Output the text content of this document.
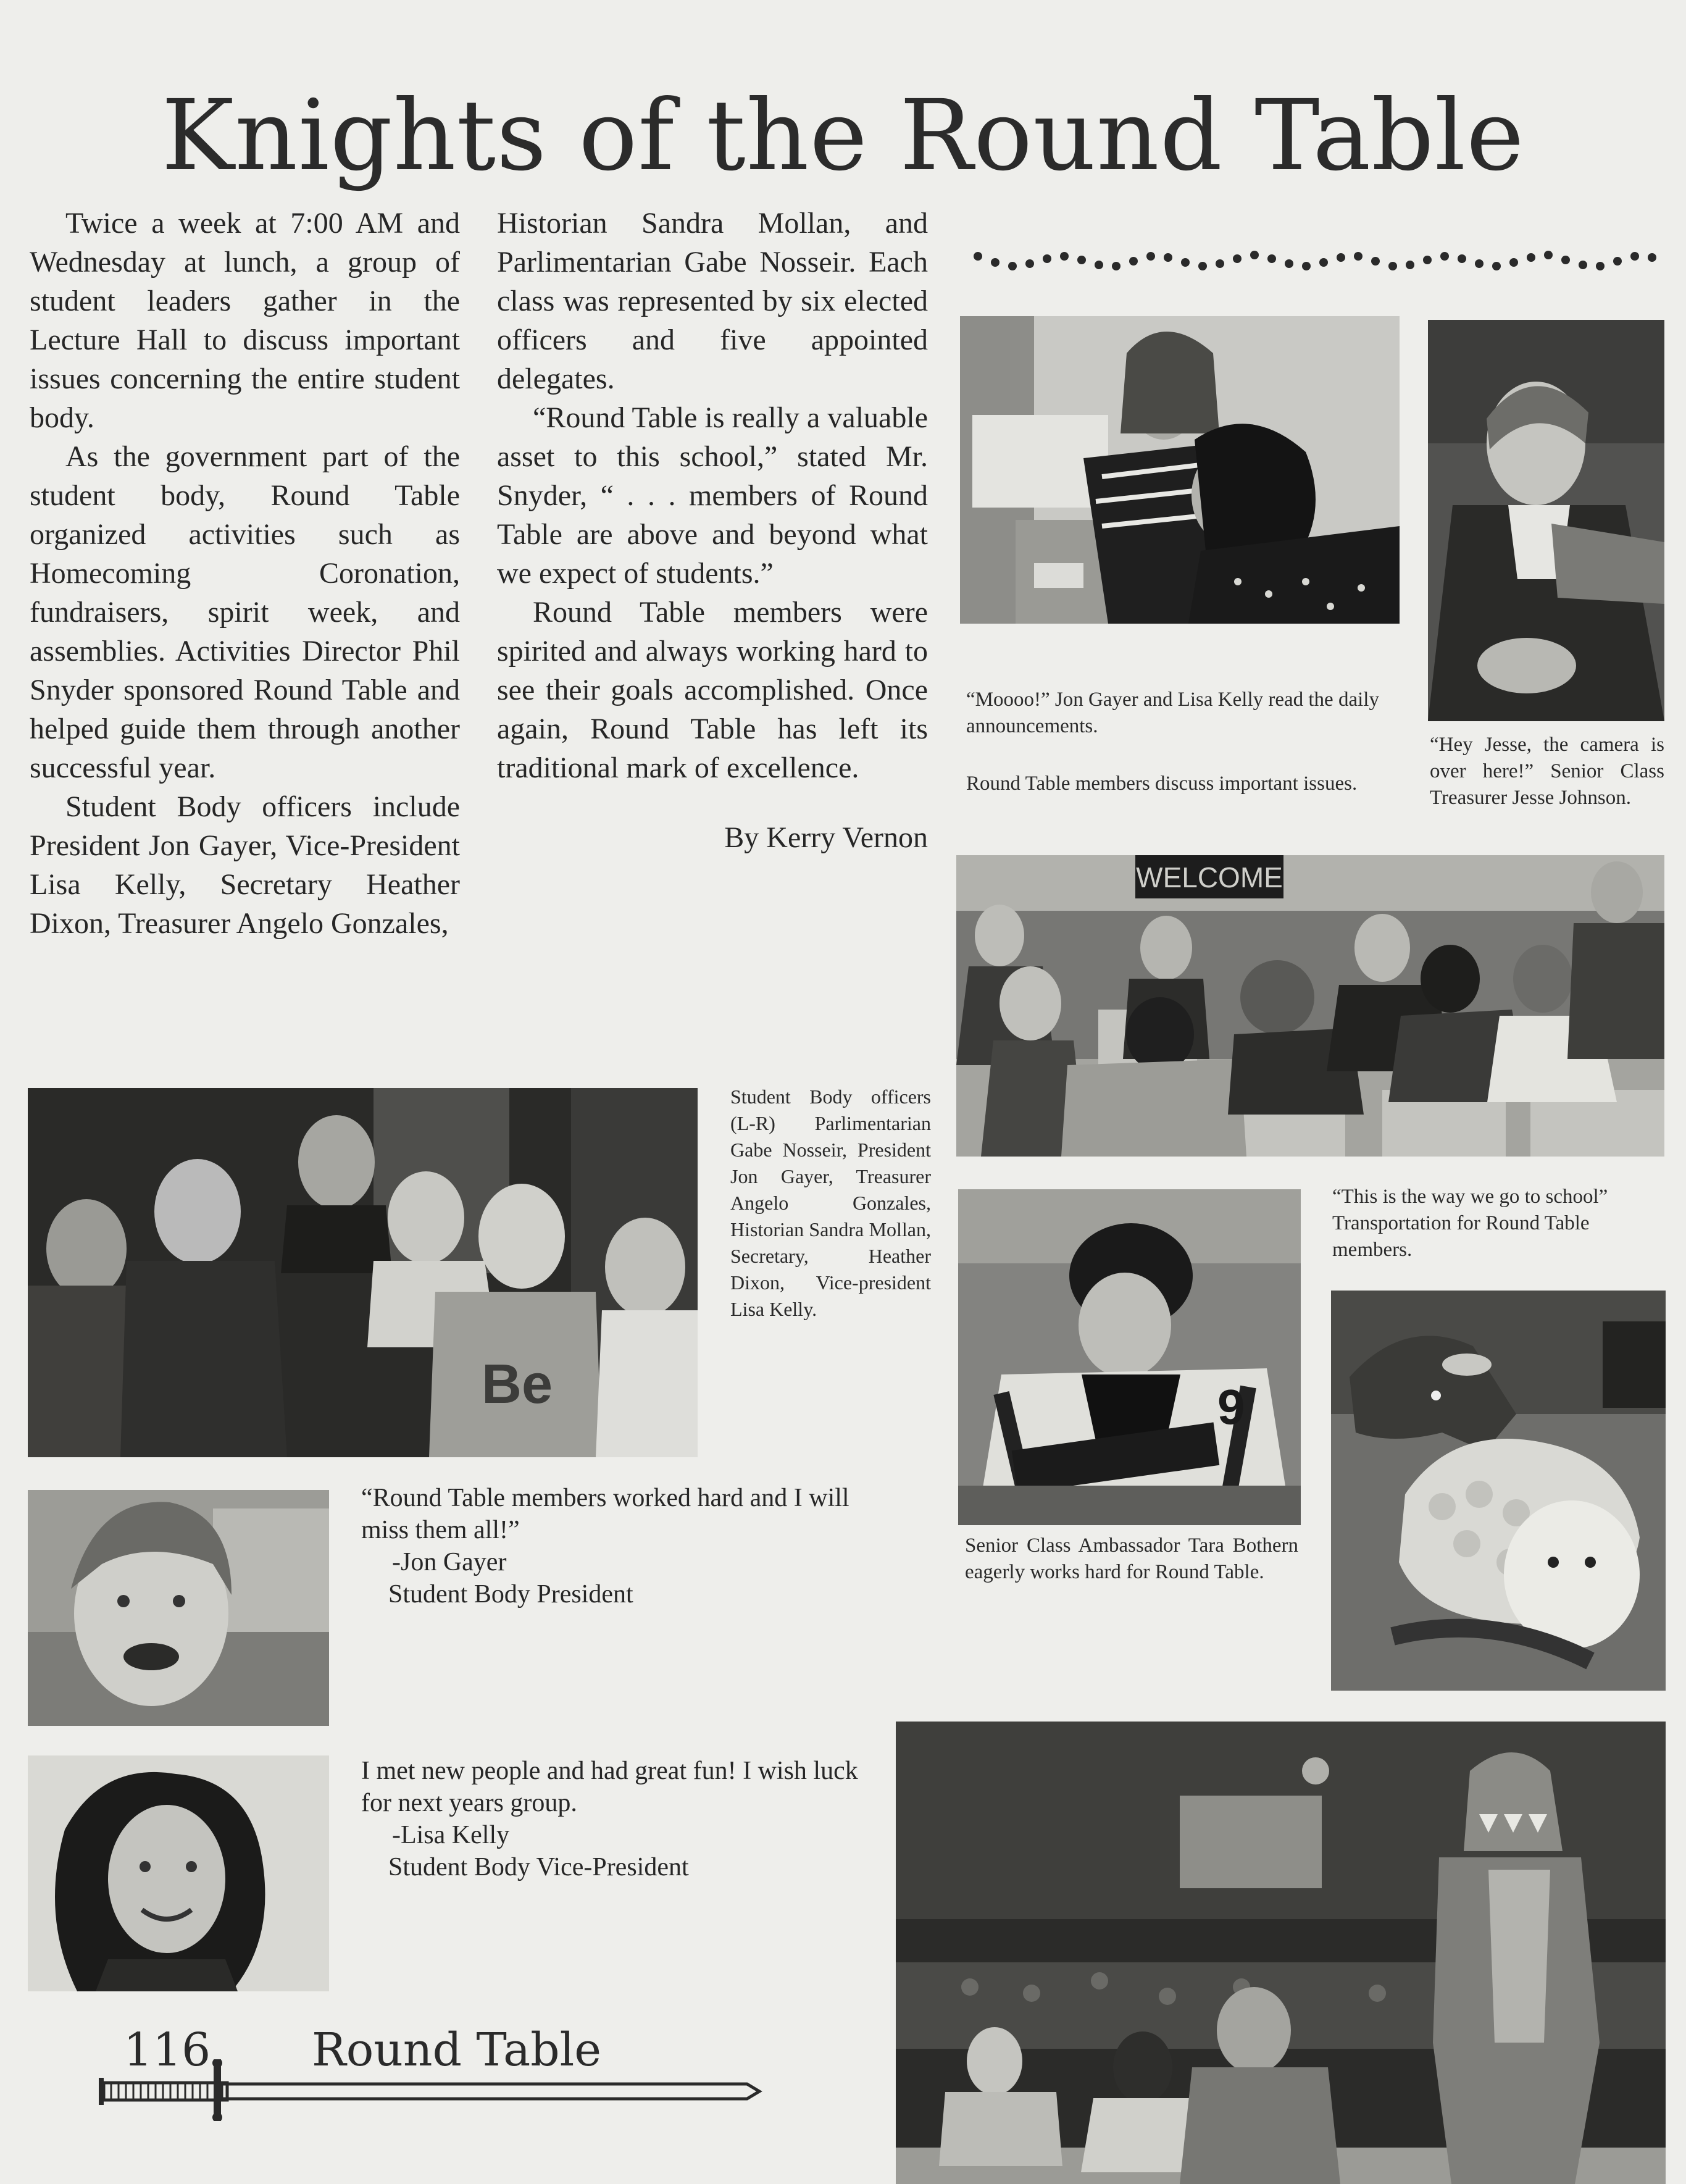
Knights of the Round Table

Twice a week at 7:00 AM and Wednesday at lunch, a group of student leaders gather in the Lecture Hall to discuss important issues concerning the entire student body.

As the government part of the student body, Round Table organized activities such as Homecoming Coronation, fundraisers, spirit week, and assemblies. Activities Director Phil Snyder sponsored Round Table and helped guide them through another successful year.

Student Body officers include President Jon Gayer, Vice-President Lisa Kelly, Secretary Heather Dixon, Treasurer Angelo Gonzales,

Historian Sandra Mollan, and Parlimentarian Gabe Nosseir. Each class was represented by six elected officers and five appointed delegates.

“Round Table is really a valuable asset to this school,” stated Mr. Snyder, “ . . . members of Round Table are above and beyond what we expect of students.”

Round Table members were spirited and always working hard to see their goals accomplished. Once again, Round Table has left its traditional mark of excellence.

By Kerry Vernon

“Moooo!” Jon Gayer and Lisa Kelly read the daily announcements.
Round Table members discuss important issues.
“Hey Jesse, the camera is over here!” Senior Class Treasurer Jesse Johnson.
WELCOME
“This is the way we go to school” Transportation for Round Table members.
9
Senior Class Ambassador Tara Bothern eagerly works hard for Round Table.
Be
Student Body officers (L-R) Parlimentarian Gabe Nosseir, President Jon Gayer, Treasurer Angelo Gonzales, Historian Sandra Mollan, Secretary, Heather Dixon, Vice-president Lisa Kelly.
“Round Table members worked hard and I will miss them all!”
-Jon Gayer
Student Body President
I met new people and had great fun! I wish luck for next years group.
-Lisa Kelly
Student Body Vice-President
116 Round Table
